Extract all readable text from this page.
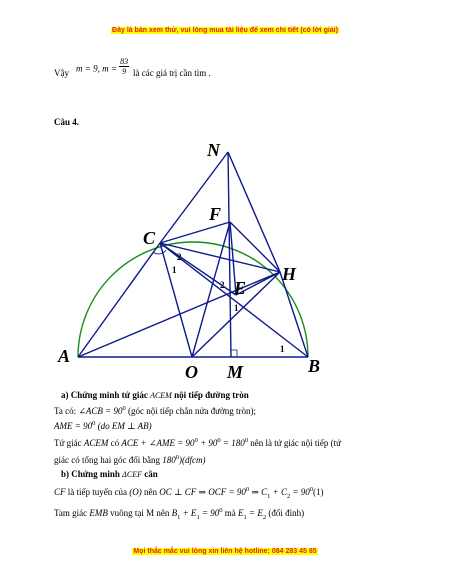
Đây là bản xem thử, vui lòng mua tài liệu để xem chi tiết (có lời giải)
Vậy m = 9, $m = \frac{83}{9}$ là các giá trị cần tìm .
Câu 4.
N
F
C
H
E
A
O M	B
2
1
2
1
1
a) Chứng minh tứ giác ACEM nội tiếp đường tròn
Ta có: ∠ACB = $90^0$ (góc nội tiếp chắn nửa đường tròn);
AME = $90^0$ (do EM ⊥ AB)
Tứ giác ACEM có ACE + ∠AME = $90^0 + 90^0 = 180^0$ nên là tứ giác nội tiếp (tứ
giác có tổng hai góc đối bằng $180^0)(dfcm)$
b) Chứng minh ΔCEF cân
CF là tiếp tuyến của (O) nên OC ⊥ CF ⇒ OCF = $90^0$ ⇒ $C_1 + C_2 = 90^0(1)$
Tam giác EMB vuông tại M nên $B_1 + E_1 = 90^0$ mà $E_1 = E_2$ (đối đỉnh)
Mọi thắc mắc vui lòng xin liên hệ hotline: 084 283 45 85
